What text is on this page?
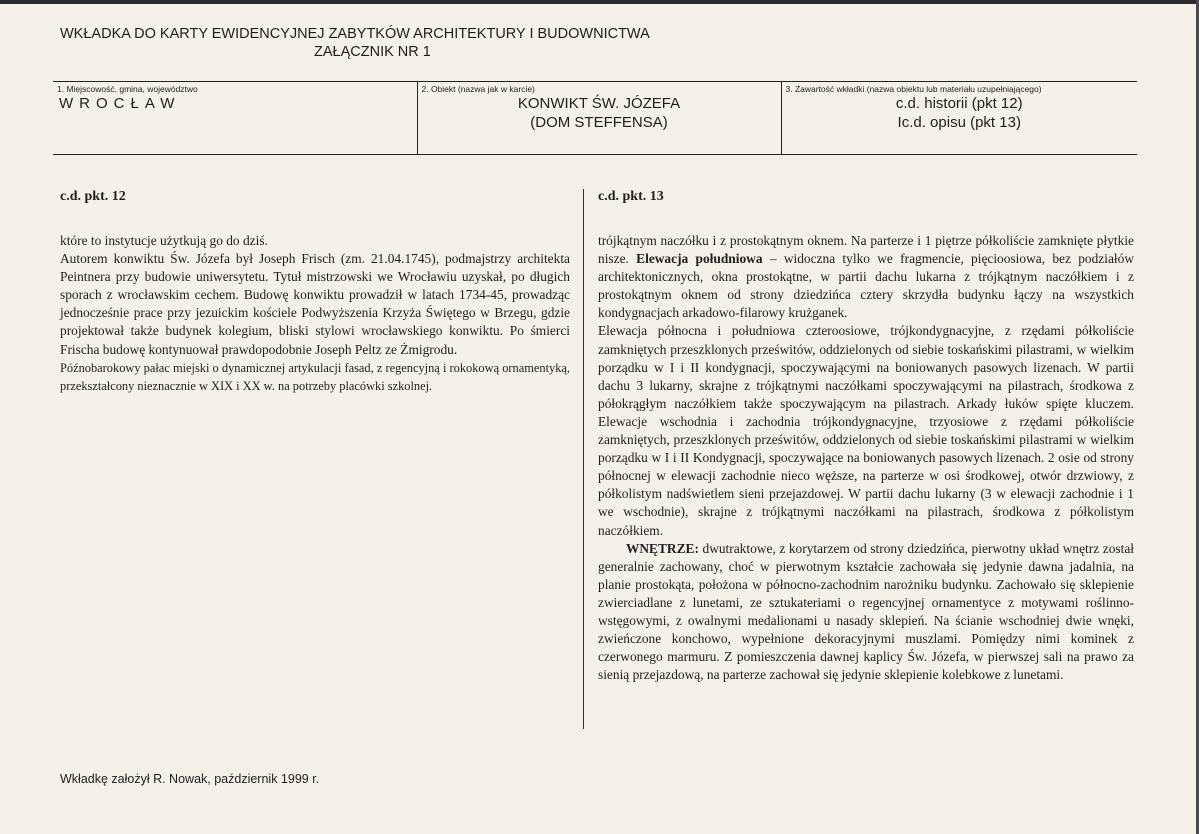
WKŁADKA DO KARTY EWIDENCYJNEJ ZABYTKÓW ARCHITEKTURY I BUDOWNICTWA
ZAŁĄCZNIK NR 1
1. Miejscowość, gmina, województwo
WROCŁAW

2. Obiekt (nazwa jak w karcie)
KONWIKT ŚW. JÓZEFA
(DOM STEFFENSA)

3. Zawartość wkładki (nazwa obiektu lub materiału uzupełniającego)
c.d. historii (pkt 12)
Ic.d. opisu (pkt 13)
c.d. pkt. 12

które to instytucje użytkują go do dziś.

Autorem konwiktu Św. Józefa był Joseph Frisch (zm. 21.04.1745), podmajstrzy architekta Peintnera przy budowie uniwersytetu. Tytuł mistrzowski we Wrocławiu uzyskał, po długich sporach z wrocławskim cechem. Budowę konwiktu prowadził w latach 1734-45, prowadząc jednocześnie prace przy jezuickim kościele Podwyższenia Krzyża Świętego w Brzegu, gdzie projektował także budynek kolegium, bliski stylowi wrocławskiego konwiktu. Po śmierci Frischa budowę kontynuował prawdopodobnie Joseph Peltz ze Żmigrodu.

Późnobarokowy pałac miejski o dynamicznej artykulacji fasad, z regencyjną i rokokową ornamentyką, przekształcony nieznacznie w XIX i XX w. na potrzeby placówki szkolnej.

c.d. pkt. 13

trójkątnym naczółku i z prostokątnym oknem. Na parterze i 1 piętrze półkoliście zamknięte płytkie nisze. Elewacja południowa – widoczna tylko we fragmencie, pięcioosiowa, bez podziałów architektonicznych, okna prostokątne, w partii dachu lukarna z trójkątnym naczółkiem i z prostokątnym oknem od strony dziedzińca cztery skrzydła budynku łączy na wszystkich kondygnacjach arkadowo-filarowy krużganek.

Elewacja północna i południowa czteroosiowe, trójkondygnacyjne, z rzędami półkoliście zamkniętych przeszklonych prześwitów, oddzielonych od siebie toskańskimi pilastrami, w wielkim porządku w I i II kondygnacji, spoczywającymi na boniowanych pasowych lizenach. W partii dachu 3 lukarny, skrajne z trójkątnymi naczółkami spoczywającymi na pilastrach, środkowa z półokrągłym naczółkiem także spoczywającym na pilastrach. Arkady łuków spięte kluczem. Elewacje wschodnia i zachodnia trójkondygnacyjne, trzyosiowe z rzędami półkoliście zamkniętych, przeszklonych prześwitów, oddzielonych od siebie toskańskimi pilastrami w wielkim porządku w I i II Kondygnacji, spoczywające na boniowanych pasowych lizenach. 2 osie od strony północnej w elewacji zachodnie nieco węższe, na parterze w osi środkowej, otwór drzwiowy, z półkolistym nadświetlem sieni przejazdowej. W partii dachu lukarny (3 w elewacji zachodnie i 1 we wschodnie), skrajne z trójkątnymi naczółkami na pilastrach, środkowa z półkolistym naczółkiem.

WNĘTRZE: dwutraktowe, z korytarzem od strony dziedzińca, pierwotny układ wnętrz został generalnie zachowany, choć w pierwotnym kształcie zachowała się jedynie dawna jadalnia, na planie prostokąta, położona w północno-zachodnim narożniku budynku. Zachowało się sklepienie zwierciadlane z lunetami, ze sztukateriami o regencyjnej ornamentyce z motywami roślinno-wstęgowymi, z owalnymi medalionami u nasady sklepień. Na ścianie wschodniej dwie wnęki, zwieńczone konchowo, wypełnione dekoracyjnymi muszlami. Pomiędzy nimi kominek z czerwonego marmuru. Z pomieszczenia dawnej kaplicy Św. Józefa, w pierwszej sali na prawo za sienią przejazdową, na parterze zachował się jedynie sklepienie kolebkowe z lunetami.

Wkładkę założył R. Nowak, październik 1999 r.
